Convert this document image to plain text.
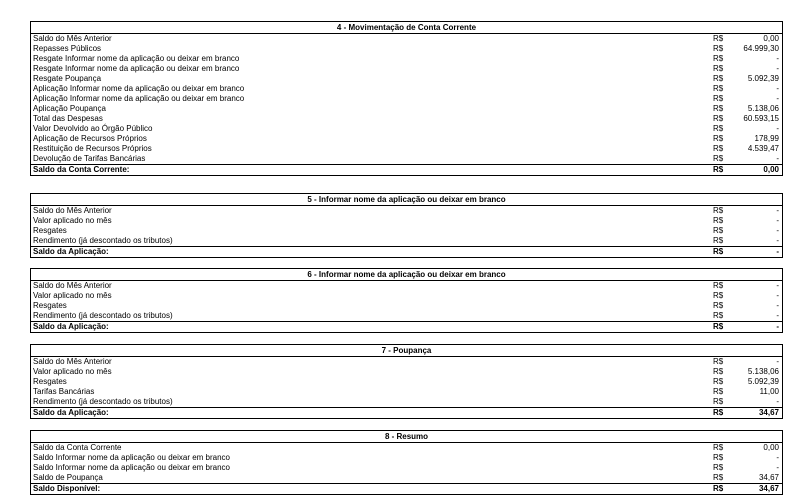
4 - Movimentação de Conta Corrente
Saldo do Mês Anterior	R$	0,00
Repasses Públicos	R$	64.999,30
Resgate Informar nome da aplicação ou deixar em branco	R$	-
Resgate Informar nome da aplicação ou deixar em branco	R$	-
Resgate Poupança	R$	5.092,39
Aplicação Informar nome da aplicação ou deixar em branco	R$	-
Aplicação Informar nome da aplicação ou deixar em branco	R$	-
Aplicação Poupança	R$	5.138,06
Total das Despesas	R$	60.593,15
Valor Devolvido ao Órgão Público	R$	-
Aplicação de Recursos Próprios	R$	178,99
Restituição de Recursos Próprios	R$	4.539,47
Devolução de Tarifas Bancárias	R$	-
Saldo da Conta Corrente:	R$	0,00
5 - Informar nome da aplicação ou deixar em branco
Saldo do Mês Anterior	R$	-
Valor aplicado no mês	R$	-
Resgates	R$	-
Rendimento (já descontado os tributos)	R$	-
Saldo da Aplicação:	R$	-
6 - Informar nome da aplicação ou deixar em branco
Saldo do Mês Anterior	R$	-
Valor aplicado no mês	R$	-
Resgates	R$	-
Rendimento (já descontado os tributos)	R$	-
Saldo da Aplicação:	R$	-
7 - Poupança
Saldo do Mês Anterior	R$	-
Valor aplicado no mês	R$	5.138,06
Resgates	R$	5.092,39
Tarifas Bancárias	R$	11,00
Rendimento (já descontado os tributos)	R$	-
Saldo da Aplicação:	R$	34,67
8 - Resumo
Saldo da Conta Corrente	R$	0,00
Saldo Informar nome da aplicação ou deixar em branco	R$	-
Saldo Informar nome da aplicação ou deixar em branco	R$	-
Saldo de Poupança	R$	34,67
Saldo Disponível:	R$	34,67
